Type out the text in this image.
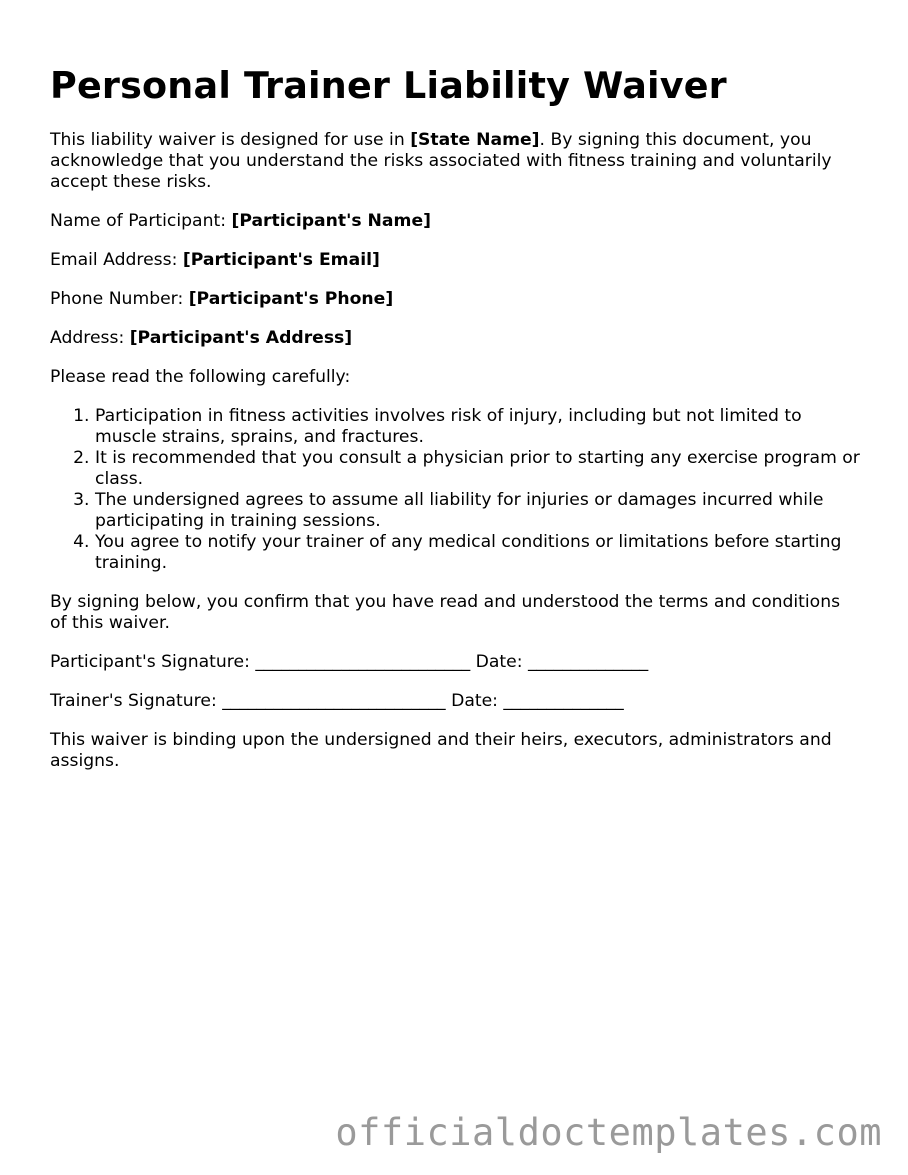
Personal Trainer Liability Waiver

This liability waiver is designed for use in [State Name]. By signing this document, you acknowledge that you understand the risks associated with fitness training and voluntarily accept these risks.

Name of Participant: [Participant's Name]

Email Address: [Participant's Email]

Phone Number: [Participant's Phone]

Address: [Participant's Address]

Please read the following carefully:

1. Participation in fitness activities involves risk of injury, including but not limited to muscle strains, sprains, and fractures.
2. It is recommended that you consult a physician prior to starting any exercise program or class.
3. The undersigned agrees to assume all liability for injuries or damages incurred while participating in training sessions.
4. You agree to notify your trainer of any medical conditions or limitations before starting training.

By signing below, you confirm that you have read and understood the terms and conditions of this waiver.

Participant's Signature: _________________________ Date: ______________

Trainer's Signature: __________________________ Date: ______________

This waiver is binding upon the undersigned and their heirs, executors, administrators and assigns.

officialdoctemplates.com
